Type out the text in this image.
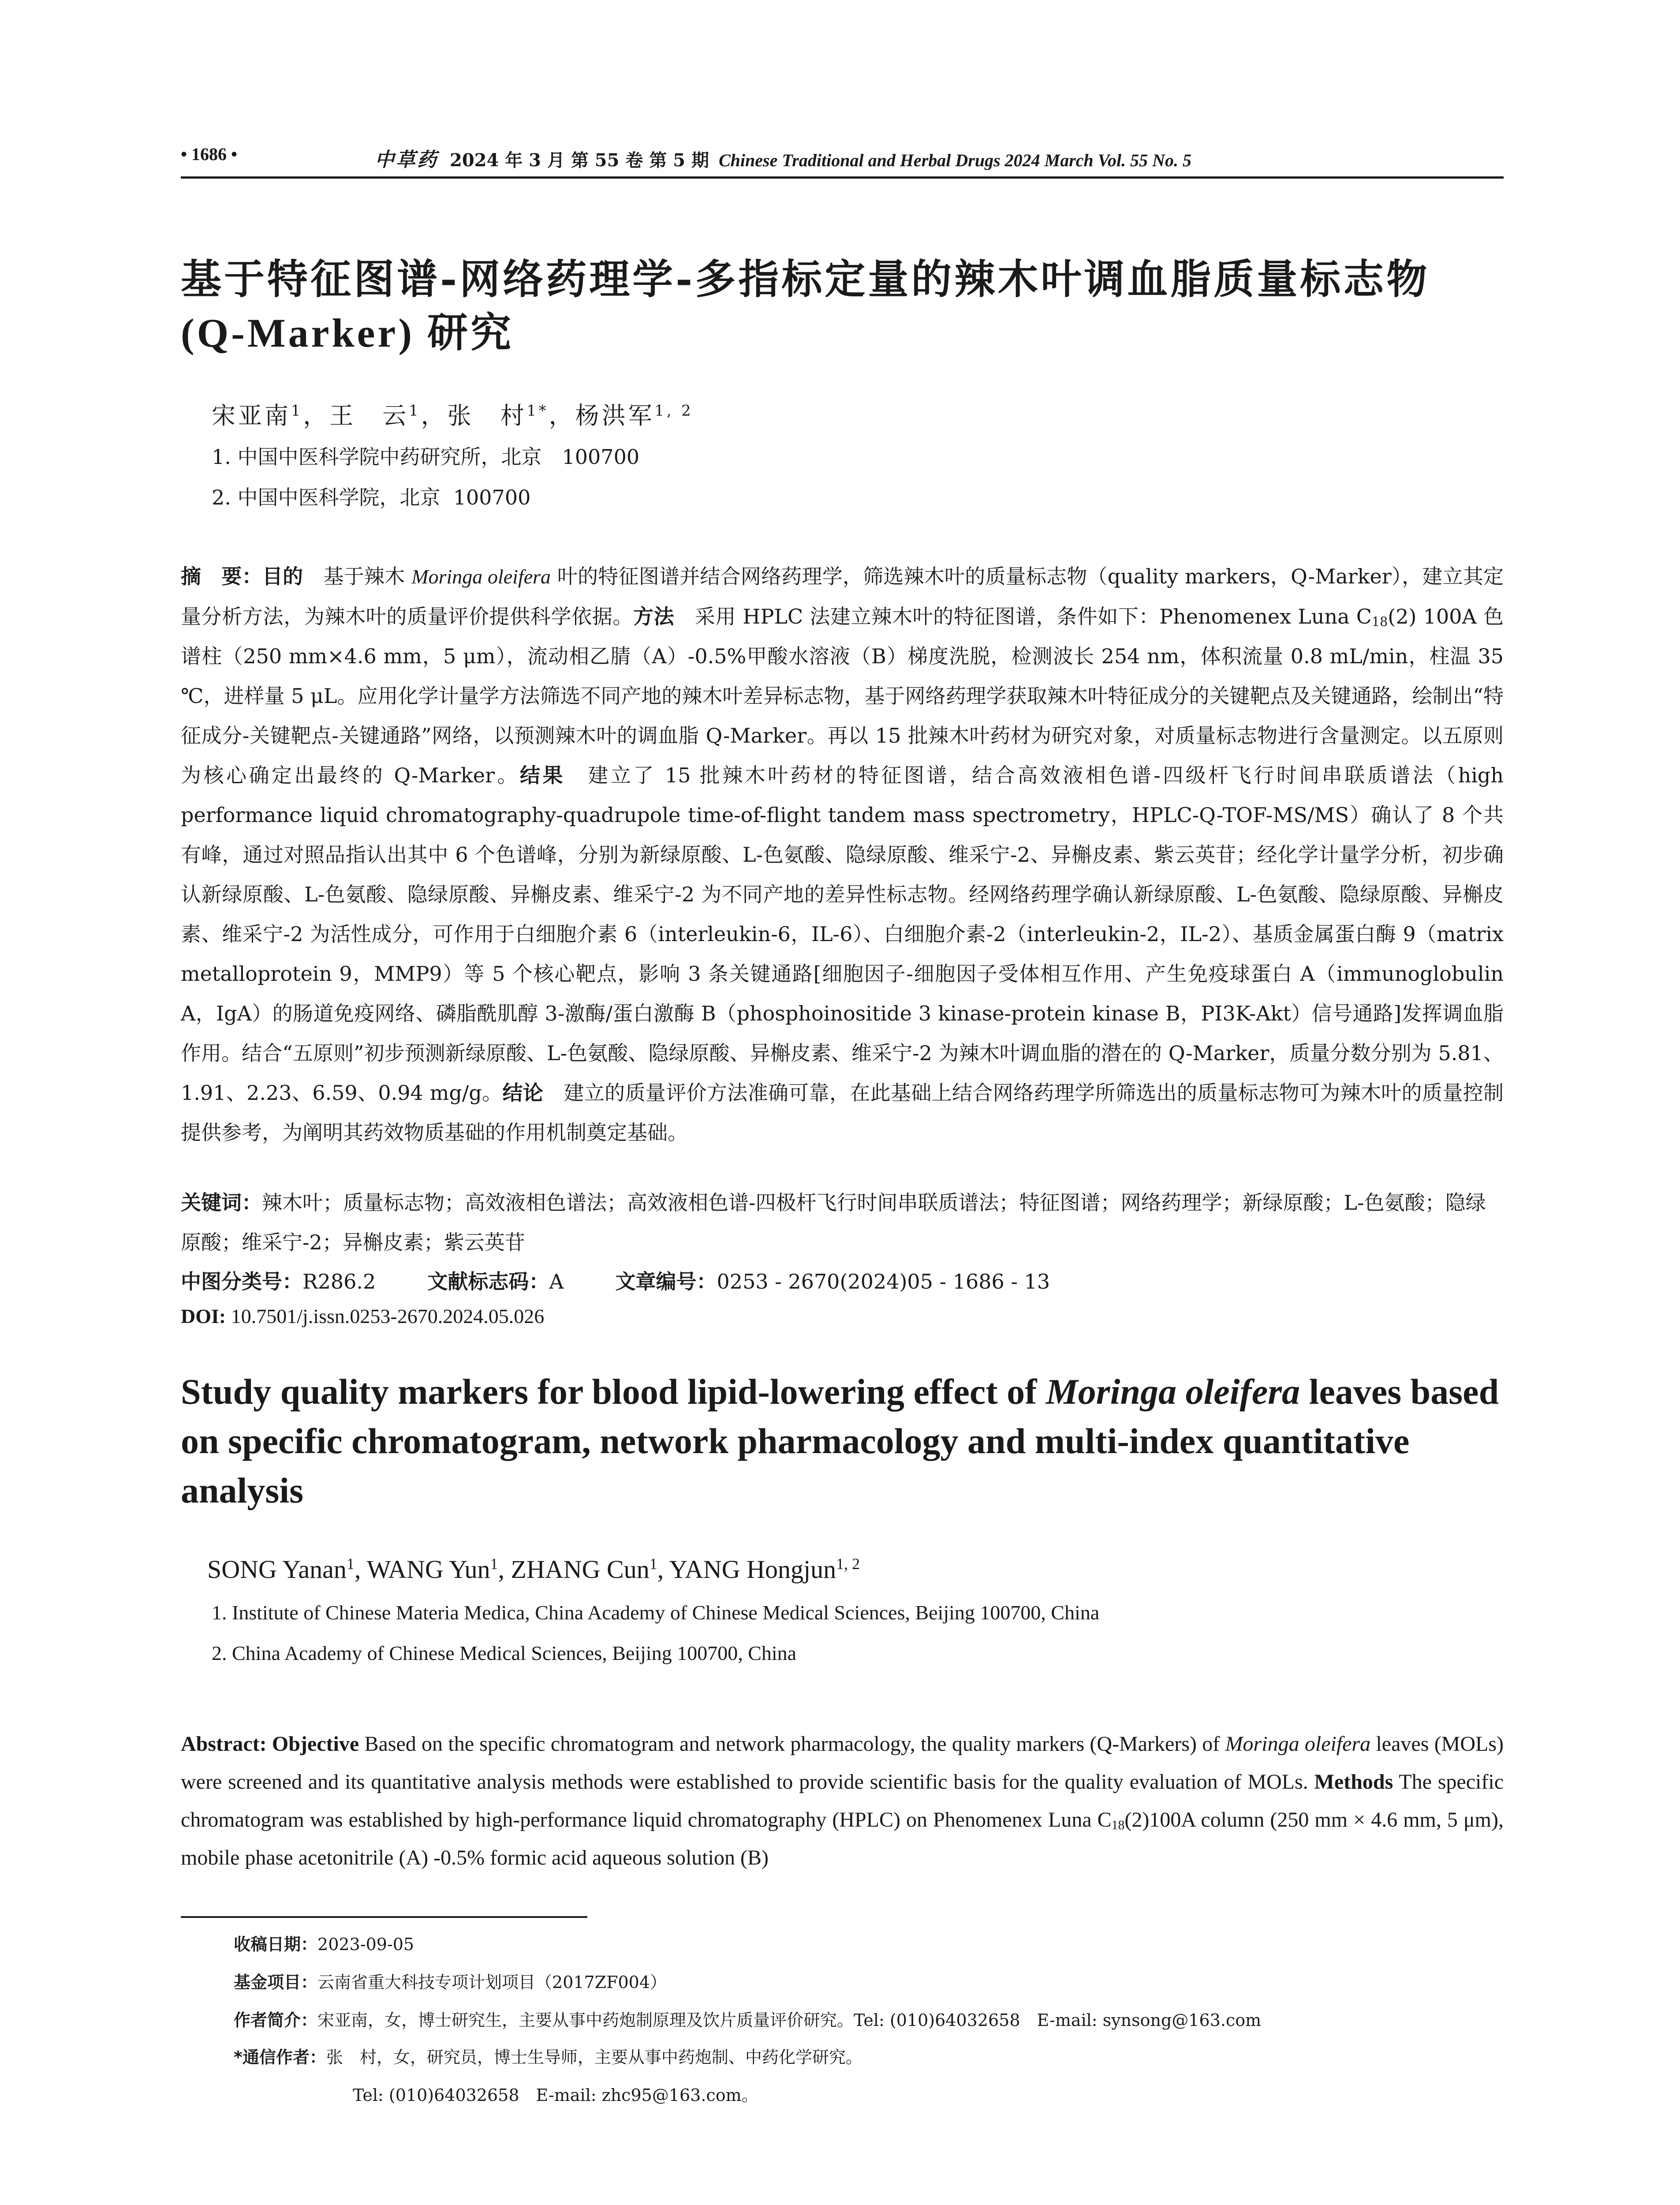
• 1686 •	中草药 2024 年 3 月 第 55 卷 第 5 期 Chinese Traditional and Herbal Drugs 2024 March Vol. 55 No. 5
基于特征图谱-网络药理学-多指标定量的辣木叶调血脂质量标志物
(Q-Marker) 研究
宋亚南$^1$，王　云$^1$，张　村$^{1*}$，杨洪军$^{1, 2}$
1. 中国中医科学院中药研究所，北京　100700
2. 中国中医科学院，北京  100700
摘　要：目的　基于辣木 Moringa oleifera 叶的特征图谱并结合网络药理学，筛选辣木叶的质量标志物（quality markers，Q-Marker），建立其定量分析方法，为辣木叶的质量评价提供科学依据。方法　采用 HPLC 法建立辣木叶的特征图谱，条件如下：Phenomenex Luna $C_{18}(2)$ 100A 色谱柱（250 mm×4.6 mm，5 μm），流动相乙腈（A）-0.5%甲酸水溶液（B）梯度洗脱，检测波长 254 nm，体积流量 0.8 mL/min，柱温 35 ℃，进样量 5 μL。应用化学计量学方法筛选不同产地的辣木叶差异标志物，基于网络药理学获取辣木叶特征成分的关键靶点及关键通路，绘制出“特征成分-关键靶点-关键通路”网络，以预测辣木叶的调血脂 Q-Marker。再以 15 批辣木叶药材为研究对象，对质量标志物进行含量测定。以五原则为核心确定出最终的 Q-Marker。结果　建立了 15 批辣木叶药材的特征图谱，结合高效液相色谱-四级杆飞行时间串联质谱法（high performance liquid chromatography-quadrupole time-of-flight tandem mass spectrometry，HPLC-Q-TOF-MS/MS）确认了 8 个共有峰，通过对照品指认出其中 6 个色谱峰，分别为新绿原酸、L-色氨酸、隐绿原酸、维采宁-2、异槲皮素、紫云英苷；经化学计量学分析，初步确认新绿原酸、L-色氨酸、隐绿原酸、异槲皮素、维采宁-2 为不同产地的差异性标志物。经网络药理学确认新绿原酸、L-色氨酸、隐绿原酸、异槲皮素、维采宁-2 为活性成分，可作用于白细胞介素 6（interleukin-6，IL-6）、白细胞介素-2（interleukin-2，IL-2）、基质金属蛋白酶 9（matrix metalloprotein 9，MMP9）等 5 个核心靶点，影响 3 条关键通路[细胞因子-细胞因子受体相互作用、产生免疫球蛋白 A（immunoglobulin A，IgA）的肠道免疫网络、磷脂酰肌醇 3-激酶/蛋白激酶 B（phosphoinositide 3 kinase-protein kinase B，PI3K-Akt）信号通路]发挥调血脂作用。结合“五原则”初步预测新绿原酸、L-色氨酸、隐绿原酸、异槲皮素、维采宁-2 为辣木叶调血脂的潜在的 Q-Marker，质量分数分别为 5.81、1.91、2.23、6.59、0.94 mg/g。结论　建立的质量评价方法准确可靠，在此基础上结合网络药理学所筛选出的质量标志物可为辣木叶的质量控制提供参考，为阐明其药效物质基础的作用机制奠定基础。
关键词：辣木叶；质量标志物；高效液相色谱法；高效液相色谱-四极杆飞行时间串联质谱法；特征图谱；网络药理学；新绿原酸；L-色氨酸；隐绿原酸；维采宁-2；异槲皮素；紫云英苷
中图分类号：R286.2	文献标志码：A	文章编号：0253 - 2670(2024)05 - 1686 - 13
DOI: 10.7501/j.issn.0253-2670.2024.05.026
Study quality markers for blood lipid-lowering effect of Moringa oleifera leaves based on specific chromatogram, network pharmacology and multi-index quantitative analysis
SONG Yanan$^1$, WANG Yun$^1$, ZHANG Cun$^1$, YANG Hongjun$^{1, 2}$
1. Institute of Chinese Materia Medica, China Academy of Chinese Medical Sciences, Beijing 100700, China
2. China Academy of Chinese Medical Sciences, Beijing 100700, China
Abstract: Objective Based on the specific chromatogram and network pharmacology, the quality markers (Q-Markers) of Moringa oleifera leaves (MOLs) were screened and its quantitative analysis methods were established to provide scientific basis for the quality evaluation of MOLs. Methods The specific chromatogram was established by high-performance liquid chromatography (HPLC) on Phenomenex Luna $C_{18}(2)100A$ column (250 mm × 4.6 mm, 5 μm), mobile phase acetonitrile (A) -0.5% formic acid aqueous solution (B)
收稿日期：2023-09-05
基金项目：云南省重大科技专项计划项目（2017ZF004）
作者简介：宋亚南，女，博士研究生，主要从事中药炮制原理及饮片质量评价研究。Tel: (010)64032658　E-mail: synsong@163.com
*通信作者：张　村，女，研究员，博士生导师，主要从事中药炮制、中药化学研究。
Tel: (010)64032658　E-mail: zhc95@163.com。
